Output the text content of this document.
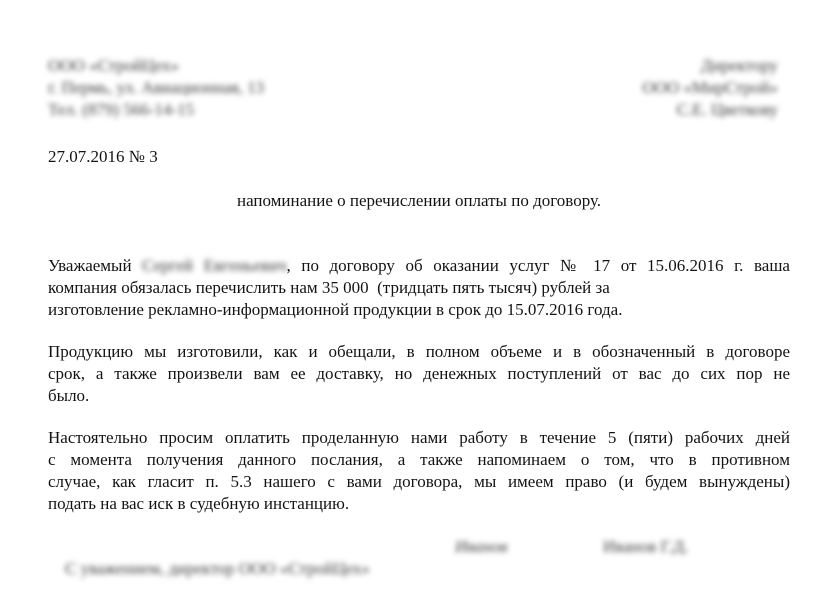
ООО «СтройЦех»
г. Пермь, ул. Авиационная, 13
Тел. (879) 566-14-15
Директору
ООО «МирСтрой»
С.Е. Цветкову
27.07.2016 № 3
напоминание о перечислении оплаты по договору.
Уважаемый Сергей Евгеньевич, по договору об оказании услуг № 17 от 15.06.2016 г. ваша
компания обязалась перечислить нам 35 000  (тридцать пять тысяч) рублей за
изготовление рекламно-информационной продукции в срок до 15.07.2016 года.
Продукцию мы изготовили, как и обещали, в полном объеме и в обозначенный в договоре
срок, а также произвели вам ее доставку, но денежных поступлений от вас до сих пор не
было.
Настоятельно просим оплатить проделанную нами работу в течение 5 (пяти) рабочих дней
с момента получения данного послания, а также напоминаем о том, что в противном
случае, как гласит п. 5.3 нашего с вами договора, мы имеем право (и будем вынуждены)
подать на вас иск в судебную инстанцию.

С уважением, директор ООО «СтройЦех»

Иванов

	Иванов Г.Д.
